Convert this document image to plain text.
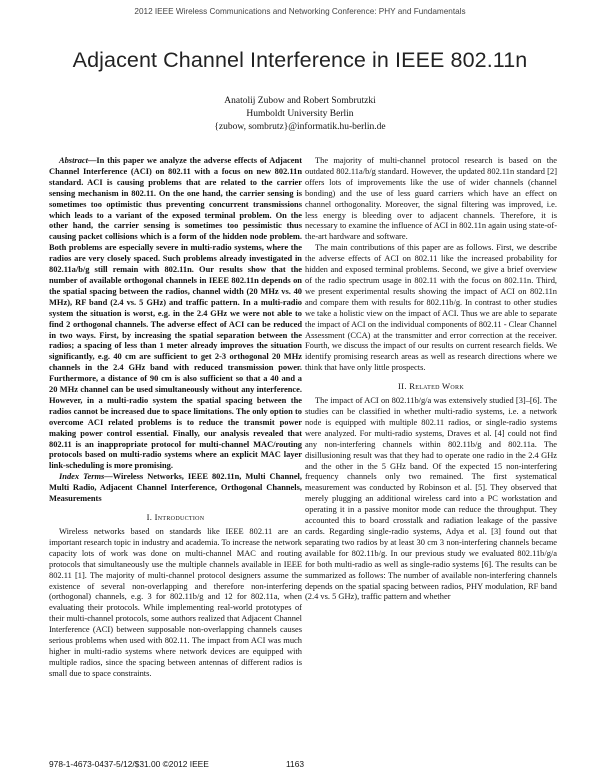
2012 IEEE Wireless Communications and Networking Conference: PHY and Fundamentals
Adjacent Channel Interference in IEEE 802.11n
Anatolij Zubow and Robert Sombrutzki
Humboldt University Berlin
{zubow, sombrutz}@informatik.hu-berlin.de

Abstract—In this paper we analyze the adverse effects of Adjacent Channel Interference (ACI) on 802.11 with a focus on new 802.11n standard. ACI is causing problems that are related to the carrier sensing mechanism in 802.11. On the one hand, the carrier sensing is sometimes too optimistic thus preventing concurrent transmissions which leads to a variant of the exposed terminal problem. On the other hand, the carrier sensing is sometimes too pessimistic thus causing packet collisions which is a form of the hidden node problem. Both problems are especially severe in multi-radio systems, where the radios are very closely spaced. Such problems already investigated in 802.11a/b/g still remain with 802.11n. Our results show that the number of available orthogonal channels in IEEE 802.11n depends on the spatial spacing between the radios, channel width (20 MHz vs. 40 MHz), RF band (2.4 vs. 5 GHz) and traffic pattern. In a multi-radio system the situation is worst, e.g. in the 2.4 GHz we were not able to find 2 orthogonal channels. The adverse effect of ACI can be reduced in two ways. First, by increasing the spatial separation between the radios; a spacing of less than 1 meter already improves the situation significantly, e.g. 40 cm are sufficient to get 2-3 orthogonal 20 MHz channels in the 2.4 GHz band with reduced transmission power. Furthermore, a distance of 90 cm is also sufficient so that a 40 and a 20 MHz channel can be used simultaneously without any interference. However, in a multi-radio system the spatial spacing between the radios cannot be increased due to space limitations. The only option to overcome ACI related problems is to reduce the transmit power making power control essential. Finally, our analysis revealed that 802.11 is an inappropriate protocol for multi-channel MAC/routing protocols based on multi-radio systems where an explicit MAC layer link-scheduling is more promising.

Index Terms—Wireless Networks, IEEE 802.11n, Multi Channel, Multi Radio, Adjacent Channel Interference, Orthogonal Channels, Measurements

I. Introduction

Wireless networks based on standards like IEEE 802.11 are an important research topic in industry and academia. To increase the network capacity lots of work was done on multi-channel MAC and routing protocols that simultaneously use the multiple channels available in IEEE 802.11 [1]. The majority of multi-channel protocol designers assume the existence of several non-overlapping and therefore non-interfering (orthogonal) channels, e.g. 3 for 802.11b/g and 12 for 802.11a, when evaluating their protocols. While implementing real-world prototypes of their multi-channel protocols, some authors realized that Adjacent Channel Interference (ACI) between supposable non-overlapping channels causes serious problems when used with 802.11. The impact from ACI was much higher in multi-radio systems where network devices are equipped with multiple radios, since the spacing between antennas of different radios is small due to space constraints.

The majority of multi-channel protocol research is based on the outdated 802.11a/b/g standard. However, the updated 802.11n standard [2] offers lots of improvements like the use of wider channels (channel bonding) and the use of less guard carriers which have an effect on channel orthogonality. Moreover, the signal filtering was improved, i.e. less energy is bleeding over to adjacent channels. Therefore, it is necessary to examine the influence of ACI in 802.11n again using state-of-the-art hardware and software.

The main contributions of this paper are as follows. First, we describe the adverse effects of ACI on 802.11 like the increased probability for hidden and exposed terminal problems. Second, we give a brief overview of the radio spectrum usage in 802.11 with the focus on 802.11n. Third, we present experimental results showing the impact of ACI on 802.11n and compare them with results for 802.11b/g. In contrast to other studies we take a holistic view on the impact of ACI. Thus we are able to separate the impact of ACI on the individual components of 802.11 - Clear Channel Assessment (CCA) at the transmitter and error correction at the receiver. Fourth, we discuss the impact of our results on current research fields. We identify promising research areas as well as research directions where we think that have only little prospects.

II. Related Work

The impact of ACI on 802.11b/g/a was extensively studied [3]–[6]. The studies can be classified in whether multi-radio systems, i.e. a network node is equipped with multiple 802.11 radios, or single-radio systems were analyzed. For multi-radio systems, Draves et al. [4] could not find any non-interfering channels within 802.11b/g and 802.11a. The disillusioning result was that they had to operate one radio in the 2.4 GHz and the other in the 5 GHz band. Of the expected 15 non-interfering frequency channels only two remained. The first systematical measurement was conducted by Robinson et al. [5]. They observed that merely plugging an additional wireless card into a PC workstation and operating it in a passive monitor mode can reduce the throughput. They accounted this to board crosstalk and radiation leakage of the passive cards. Regarding single-radio systems, Adya et al. [3] found out that separating two radios by at least 30 cm 3 non-interfering channels became available for 802.11b/g. In our previous study we evaluated 802.11b/g/a for both multi-radio as well as single-radio systems [6]. The results can be summarized as follows: The number of available non-interfering channels depends on the spatial spacing between radios, PHY modulation, RF band (2.4 vs. 5 GHz), traffic pattern and whether

978-1-4673-0437-5/12/$31.00 ©2012 IEEE	1163
